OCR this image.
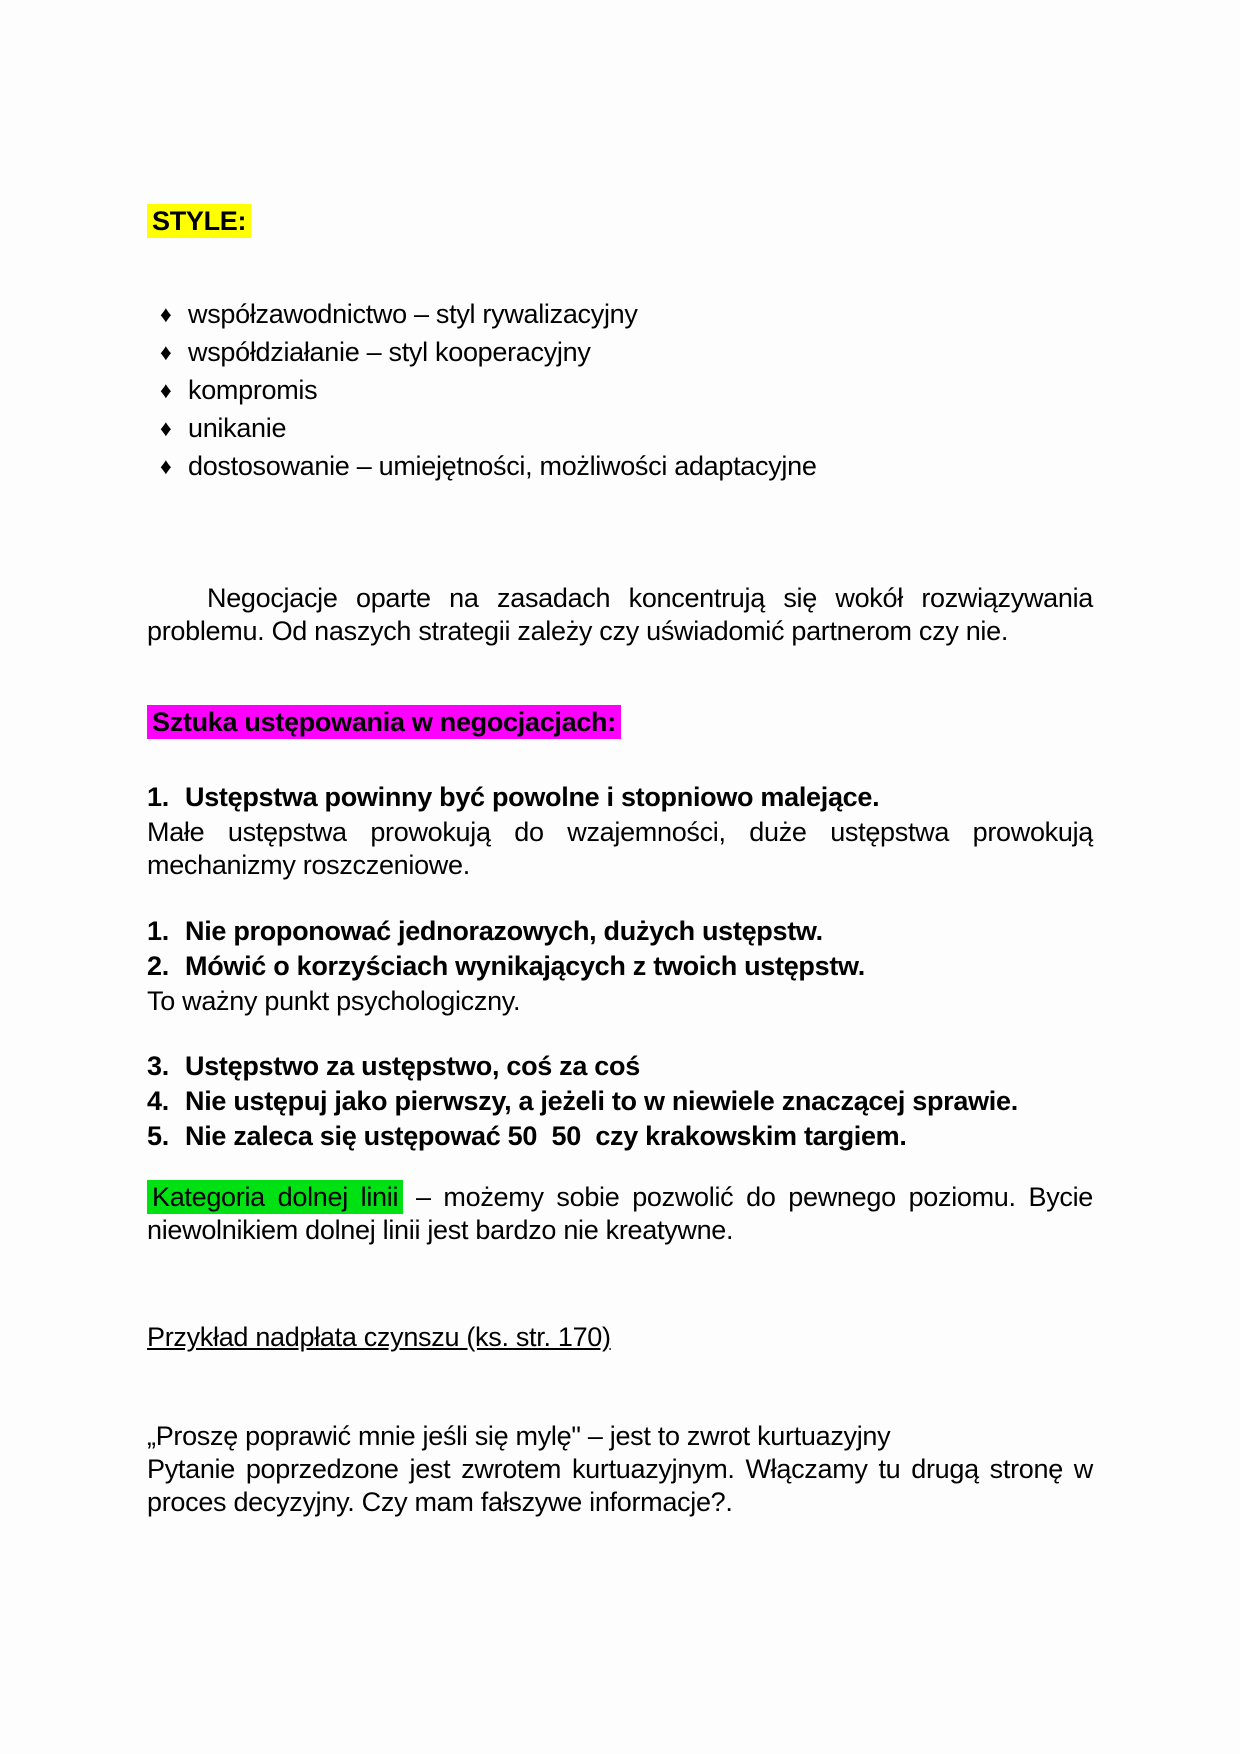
STYLE:
♦ współzawodnictwo – styl rywalizacyjny
♦ współdziałanie – styl kooperacyjny
♦ kompromis
♦ unikanie
♦ dostosowanie – umiejętności, możliwości adaptacyjne

Negocjacje oparte na zasadach koncentrują się wokół rozwiązywania problemu. Od naszych strategii zależy czy uświadomić partnerom czy nie.

Sztuka ustępowania w negocjacjach:
1. Ustępstwa powinny być powolne i stopniowo malejące.

Małe ustępstwa prowokują do wzajemności, duże ustępstwa prowokują mechanizmy roszczeniowe.

1. Nie proponować jednorazowych, dużych ustępstw.
2. Mówić o korzyściach wynikających z twoich ustępstw.

To ważny punkt psychologiczny.

3. Ustępstwo za ustępstwo, coś za coś
4. Nie ustępuj jako pierwszy, a jeżeli to w niewiele znaczącej sprawie.
5. Nie zaleca się ustępować 50  50  czy krakowskim targiem.

Kategoria dolnej linii – możemy sobie pozwolić do pewnego poziomu. Bycie niewolnikiem dolnej linii jest bardzo nie kreatywne.

Przykład nadpłata czynszu (ks. str. 170)

„Proszę poprawić mnie jeśli się mylę" – jest to zwrot kurtuazyjny

Pytanie poprzedzone jest zwrotem kurtuazyjnym. Włączamy tu drugą stronę w proces decyzyjny. Czy mam fałszywe informacje?.
